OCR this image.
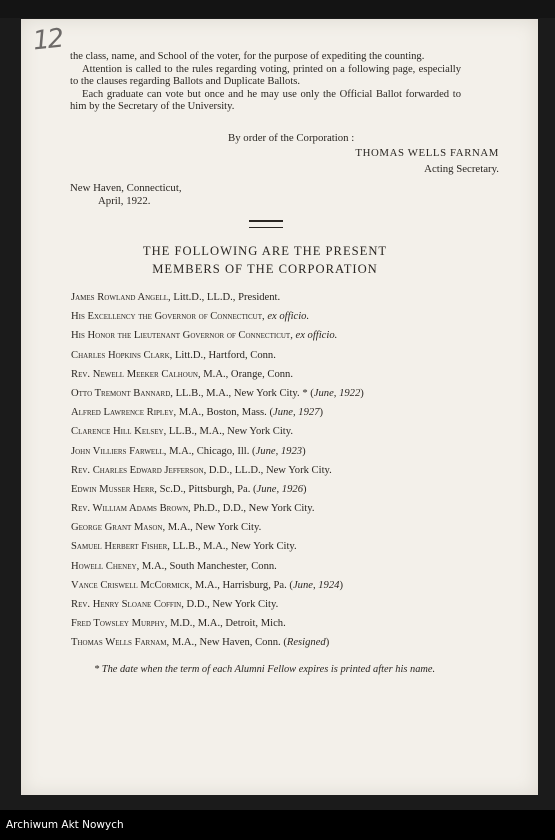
12

the class, name, and School of the voter, for the purpose of expediting the counting.

Attention is called to the rules regarding voting, printed on a following page, especially to the clauses regarding Ballots and Duplicate Ballots.

Each graduate can vote but once and he may use only the Official Ballot forwarded to him by the Secretary of the University.

By order of the Corporation :
THOMAS WELLS FARNAM
Acting Secretary.
New Haven, Connecticut,
April, 1922.
THE FOLLOWING ARE THE PRESENT
MEMBERS OF THE CORPORATION
James Rowland Angell, Litt.D., LL.D., President.
His Excellency the Governor of Connecticut, ex officio.
His Honor the Lieutenant Governor of Connecticut, ex officio.
Charles Hopkins Clark, Litt.D., Hartford, Conn.
Rev. Newell Meeker Calhoun, M.A., Orange, Conn.
Otto Tremont Bannard, LL.B., M.A., New York City. * (June, 1922)
Alfred Lawrence Ripley, M.A., Boston, Mass. (June, 1927)
Clarence Hill Kelsey, LL.B., M.A., New York City.
John Villiers Farwell, M.A., Chicago, Ill. (June, 1923)
Rev. Charles Edward Jefferson, D.D., LL.D., New York City.
Edwin Musser Herr, Sc.D., Pittsburgh, Pa. (June, 1926)
Rev. William Adams Brown, Ph.D., D.D., New York City.
George Grant Mason, M.A., New York City.
Samuel Herbert Fisher, LL.B., M.A., New York City.
Howell Cheney, M.A., South Manchester, Conn.
Vance Criswell McCormick, M.A., Harrisburg, Pa. (June, 1924)
Rev. Henry Sloane Coffin, D.D., New York City.
Fred Towsley Murphy, M.D., M.A., Detroit, Mich.
Thomas Wells Farnam, M.A., New Haven, Conn. (Resigned)
* The date when the term of each Alumni Fellow expires is printed after his name.
Archiwum Akt Nowych
